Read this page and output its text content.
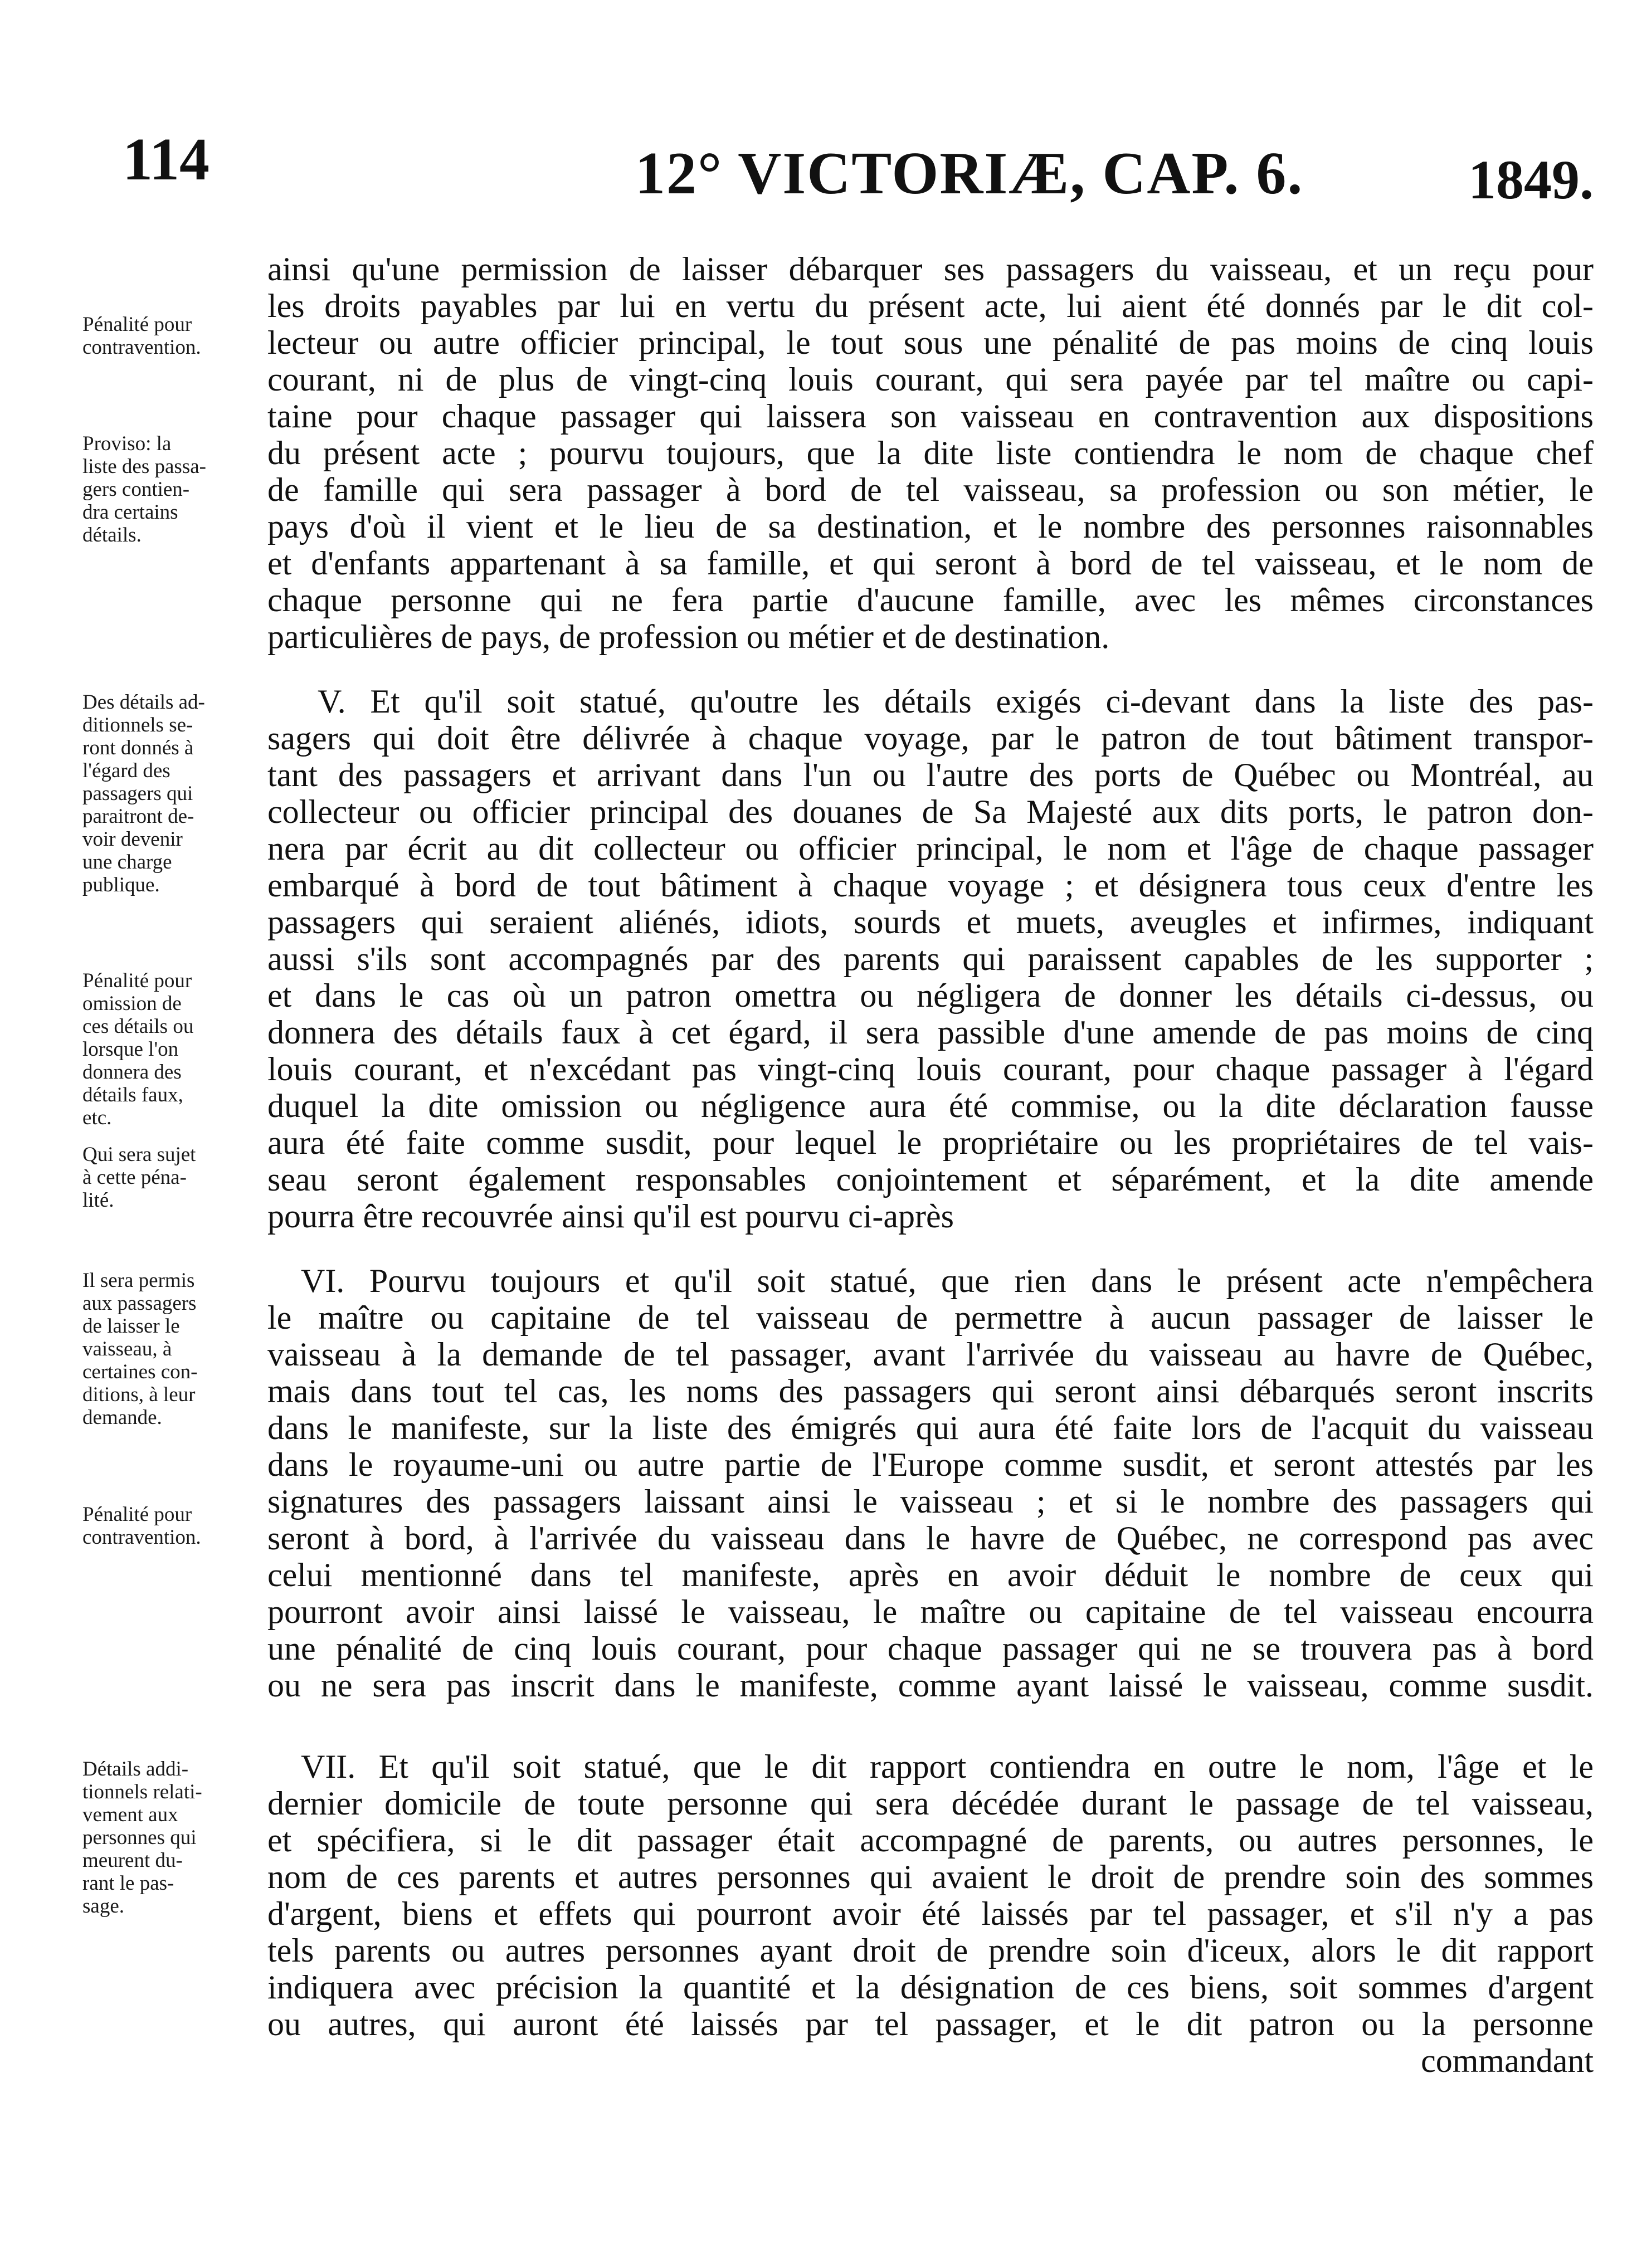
114	12° VICTORIÆ, CAP. 6.	1849.
Pénalité pour
contravention.
Proviso: la
liste des passa-
gers contien-
dra certains
détails.
Des détails ad-
ditionnels se-
ront donnés à
l'égard des
passagers qui
paraitront de-
voir devenir
une charge
publique.
Pénalité pour
omission de
ces détails ou
lorsque l'on
donnera des
détails faux,
etc.
Qui sera sujet
à cette péna-
lité.
Il sera permis
aux passagers
de laisser le
vaisseau, à
certaines con-
ditions, à leur
demande.
Pénalité pour
contravention.
Détails addi-
tionnels relati-
vement aux
personnes qui
meurent du-
rant le pas-
sage.
ainsi qu'une permission de laisser débarquer ses passagers du vaisseau, et un reçu pour
les droits payables par lui en vertu du présent acte, lui aient été donnés par le dit col-
lecteur ou autre officier principal, le tout sous une pénalité de pas moins de cinq louis
courant, ni de plus de vingt-cinq louis courant, qui sera payée par tel maître ou capi-
taine pour chaque passager qui laissera son vaisseau en contravention aux dispositions
du présent acte ; pourvu toujours, que la dite liste contiendra le nom de chaque chef
de famille qui sera passager à bord de tel vaisseau, sa profession ou son métier, le
pays d'où il vient et le lieu de sa destination, et le nombre des personnes raisonnables
et d'enfants appartenant à sa famille, et qui seront à bord de tel vaisseau, et le nom de
chaque personne qui ne fera partie d'aucune famille, avec les mêmes circonstances
particulières de pays, de profession ou métier et de destination.
V. Et qu'il soit statué, qu'outre les détails exigés ci-devant dans la liste des pas-
sagers qui doit être délivrée à chaque voyage, par le patron de tout bâtiment transpor-
tant des passagers et arrivant dans l'un ou l'autre des ports de Québec ou Montréal, au
collecteur ou officier principal des douanes de Sa Majesté aux dits ports, le patron don-
nera par écrit au dit collecteur ou officier principal, le nom et l'âge de chaque passager
embarqué à bord de tout bâtiment à chaque voyage ; et désignera tous ceux d'entre les
passagers qui seraient aliénés, idiots, sourds et muets, aveugles et infirmes, indiquant
aussi s'ils sont accompagnés par des parents qui paraissent capables de les supporter ;
et dans le cas où un patron omettra ou négligera de donner les détails ci-dessus, ou
donnera des détails faux à cet égard, il sera passible d'une amende de pas moins de cinq
louis courant, et n'excédant pas vingt-cinq louis courant, pour chaque passager à l'égard
duquel la dite omission ou négligence aura été commise, ou la dite déclaration fausse
aura été faite comme susdit, pour lequel le propriétaire ou les propriétaires de tel vais-
seau seront également responsables conjointement et séparément, et la dite amende
pourra être recouvrée ainsi qu'il est pourvu ci-après
VI. Pourvu toujours et qu'il soit statué, que rien dans le présent acte n'empêchera
le maître ou capitaine de tel vaisseau de permettre à aucun passager de laisser le
vaisseau à la demande de tel passager, avant l'arrivée du vaisseau au havre de Québec,
mais dans tout tel cas, les noms des passagers qui seront ainsi débarqués seront inscrits
dans le manifeste, sur la liste des émigrés qui aura été faite lors de l'acquit du vaisseau
dans le royaume-uni ou autre partie de l'Europe comme susdit, et seront attestés par les
signatures des passagers laissant ainsi le vaisseau ; et si le nombre des passagers qui
seront à bord, à l'arrivée du vaisseau dans le havre de Québec, ne correspond pas avec
celui mentionné dans tel manifeste, après en avoir déduit le nombre de ceux qui
pourront avoir ainsi laissé le vaisseau, le maître ou capitaine de tel vaisseau encourra
une pénalité de cinq louis courant, pour chaque passager qui ne se trouvera pas à bord
ou ne sera pas inscrit dans le manifeste, comme ayant laissé le vaisseau, comme susdit.
VII. Et qu'il soit statué, que le dit rapport contiendra en outre le nom, l'âge et le
dernier domicile de toute personne qui sera décédée durant le passage de tel vaisseau,
et spécifiera, si le dit passager était accompagné de parents, ou autres personnes, le
nom de ces parents et autres personnes qui avaient le droit de prendre soin des sommes
d'argent, biens et effets qui pourront avoir été laissés par tel passager, et s'il n'y a pas
tels parents ou autres personnes ayant droit de prendre soin d'iceux, alors le dit rapport
indiquera avec précision la quantité et la désignation de ces biens, soit sommes d'argent
ou autres, qui auront été laissés par tel passager, et le dit patron ou la personne
commandant
